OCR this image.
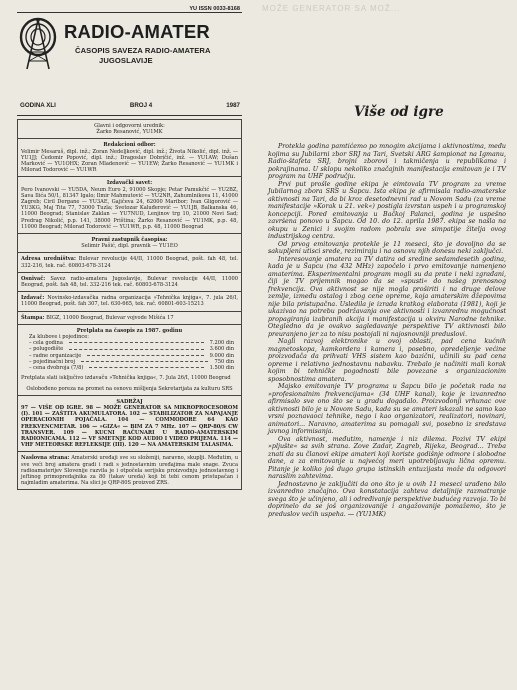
MOŽE GENERATOR SA MOŽ...
YU ISSN 0033-8168
RADIO-AMATER
ČASOPIS SAVEZA RADIO-AMATERA
JUGOSLAVIJE
GODINA XLI	BROJ 4	1987
Glavni i odgovorni urednik:
Žarko Resanović, YU1MK
Redakcioni odbor:
Velimir Mesaruš, dipl. inž.; Zoran Nedeljković, dipl. inž.; Života Nikolić, dipl. inž. — YU1JJ; Čedomir Popović, dipl. inž.; Dragoslav Dobričić, inž. — YU1AW; Dušan Marković — YU1OHX; Zoran Mladenović — YU1EW; Žarko Resanović — YU1MK i Milorad Todorović — YU1WR
Izdavački savet:
Pero Ivanovski — YU5DA, Neum Euro 2, 91000 Skopje; Petar Pamukčić — YU2BZ, Sava Ilića 50/1, 81347 Igalo; Ilmir Mahmutović — YU2NR, Zahumlnikova 11, 41000 Zagreb; Ciril Dergane — YU3AE, Gajičeva 24, 62000 Maribor; Ivan Gligorović — YU3KG, Maj Tita 77, 73000 Tuzla; Svetozar Kaluđerović — YU1JB, Balkanska 46, 11000 Beograd; Stanislav Zaklan — YU7NUD, Lenjinov trg 10, 21000 Novi Sad; Predrag Nikolić, p.p. 141, 38000 Priština; Žarko Resanović — YU1MK, p.p. 48, 11000 Beograd; Milorad Todorović — YU1WR, p.p. 48, 11000 Beograd
Pravni zastupnik časopisa:
Selimir Pašić, dipl. pravnik — YU1EO
Adresa uredništva: Bulevar revolucije 44/II, 11000 Beograd, pošt. fah 48, tel. 332-216, tek. rač. 60803-678-3124
Osnivač: Savez radio-amatera Jugoslavije, Bulevar revolucije 44/II, 11000 Beograd, pošt. fah 48, tel. 332-216 tek. rač. 60803-678-3124
Izdavač: Novinsko-izdavačka radna organizacija »Tehnička knjiga«, 7. jula 26/I, 11000 Beograd, pošt. fah 307, tel. 630-665, tek. rač. 60801-603-15213
Štampa: BIGZ, 11000 Beograd, Bulevar vojvode Mišića 17
Pretplata na časopis za 1987. godinu
Za klubove i pojedince:
– cela godina	7.200 din
– polugodište	3.600 din
– radne organizacije	9.000 din
– pojedinačni broj	750 din
– cena dvobroja (7/8)	1.500 din
Pretplata slati isključivo izdavaču »Tehnička knjiga«, 7. Jula 26/I, 11000 Beograd
Oslobođeno poreza na promet na osnovu mišljenja Sekretarijata za kulturu SRS
SADRŽAJ
97 — VIŠE OD IGRE. 98 — MOŽE GENERATOR SA MIKROPROCESOROM (I). 101 — ZAŠTITA AKUMULATORA. 102 — STABILIZATOR ZA NAPAJANJE OPERACIONIH POJAČALA. 104 — COMMODORE 64 KAO FREKVENCMETAR. 106 — »GIZA« — BIM ZA 7 MHz. 107 — QRP-80/S CW TRANSVER. 109 — KUCNI RAČUNARI U RADIO-AMATERSKIM RADIONICAMA. 112 — VF SMETNJE KOD AUDIO I VIDEO PRIJEMA. 114 — VHF METEORSKE REFLEKSIJE (III). 120 — NA AMATERSKIM TALASIMA.
Naslovna strana: Amaterski uređaji sve su složeniji, naravno, skuplji. Međutim, u sve veći broj amatera gradi i radi s jednostavnim uređajima male snage. Zvuca radioamaterijev Slovenije razvila je i otpočela serijsku proizvodnju jednostavnog i jeftinog primopredajnika za 80 (takav ureda) koji bi tebi cenom pristupačan i najmladim amaterima. Na slici je QRP-80S proizvod ZRS.
Više od igre

Protekla godina pamtićemo po mnogim akcijama i aktivnostima, među kojima su Jubilarni zbor SRJ na Tari, Svetski ARG šampionat na Igmanu, Radio-štafeta SRJ, brojni zborovi i takmičenja u republikama i pokrajinama. U sklopu nekoliko značajnih manifestacija emitovan je i TV program na UHF području.

Prvi put prošle godine ekipa je eimtovala TV program za vreme Jubilarnog zbora SRS u Šapcu. Ista ekipa je afirmisala radio-amaterske aktivnosti na Tari, da bi kroz desetodnevni rad u Novom Sadu (za vreme manifestacije »Korak u 21. vek«) postigla izvrstan uspeh i u programskoj koncepciji. Pored emitovanja u Bačkoj Palanci, godina je uspešno završena ponovo u Šapcu. Od 10. do 12. aprila 1987. ekipa se našla na okupu u Zenici i svojim radom pobrala sve simpatije žitelja ovog industrijskog centra.

Od prvog emitovanja protekle je 11 meseci, što je dovoljno da se sakupljeni utisci srede, rezimiraju i na osnovu njih donesu neki zaključci.

Interesovanje amatera za TV datira od sredine sedamdesetih godina, kada je u Šapcu (na 432 MHz) započelo i prvo emitovanje namenjeno amaterima. Eksperimentalni program mogli su da prate i neki zgrađani, čiji je TV prijemnik mogao da se »spusti« do našeg prenosnog frekvencija. Ova aktivnost se nije mogla proširiti i na druge delove zemlje, između ostalog i zbog cene opreme, koja amaterskim džepovima nije bila pristupačna. Usledila je izrada kratkog elaborata (1981), koji je ukazivao na potrebu podržavanja ove aktivnosti i izvanrednu mogućnost propagiranja izabranih akcija i manifestacija u okviru Narodne tehnike. Otegledno da je ovakvo sagledavanje perspektive TV aktivnosti bilo preuranjeno jer za to nisu postojali ni najosnovniji preduslovi.

Nagli razvoj elektronike u ovoj oblasti, pad cena kućnih magnetoskopa, kamkordera i kamera i, posebno, opredeljenje većine proizvođača da prihvati VHS sistem kao bazični, učinili su pad cena opreme i relativno jednostavnu nabavku. Trebalo je načiniti mali korak kojim bi tehničke pogodnosti bile povezane s organizacionim sposobnostima amatera.

Majsko emitovanje TV programa u Šapcu bilo je početak rada na »profesionalnim frekvencijama« (34 UHF kanal), koje je izvanredno afirmisalo sve ono što se u gradu događalo. Proizvođonji vrhunac ove aktivnosti bilo je u Novom Sadu, kada su se amateri iskazali ne samo kao vrsni poznavaoci tehnike, nego i kao organizatori, realizatori, novinari, animatori... Naravno, amaterima su pomagali svi, posebno iz sredstava javnog informisanja.

Ova aktivnost, međutim, namenje i niz dilema. Pozivi TV ekipi »pljušte« sa svih strana. Zove Zadar, Zagreb, Rijeka, Beograd... Treba znati da su članovi ekipe amateri koji koriste godišnje odmore i slobodne dane, a za emitovanje u najvećoj meri upotrebljavaju lična opremu. Pitanje je koliko još dugo grupa istinskih entuzijasta može da odgovori naraslim zahtevima.

Jednostavno je zaključiti da ono što je u ovih 11 meseci urađeno bilo izvanredno značajno. Ova konstatacija zahteva detaljnije razmatranje svega što je učinjeno, ali i određivanje perspektive budućeg razvoja. To bi doprinelo da se još organizovanije i angažovanije pomažemo, što je preduslov većih uspeha. — (YU1MK)
